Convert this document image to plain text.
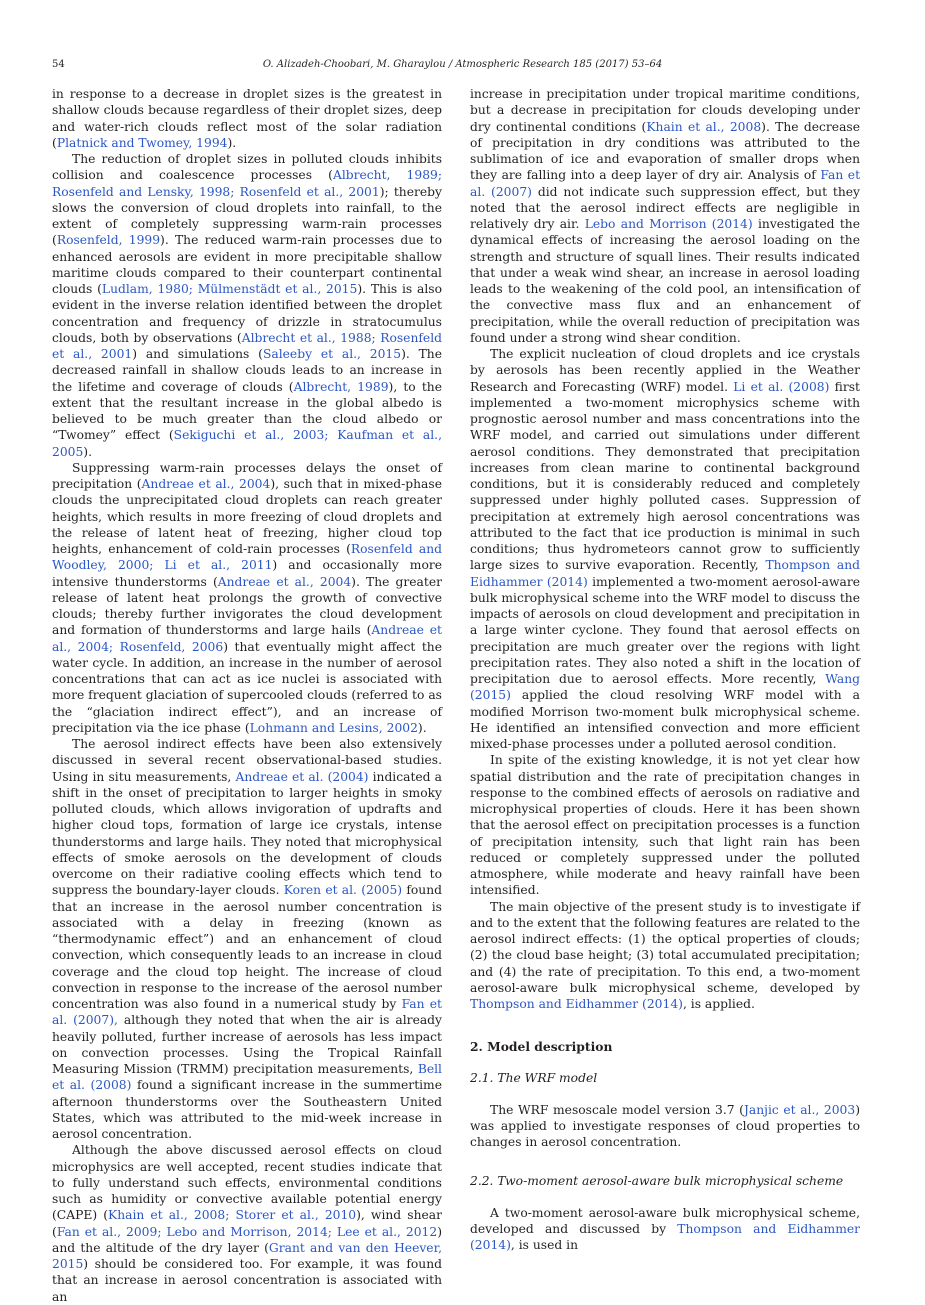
54	O. Alizadeh-Choobari, M. Gharaylou / Atmospheric Research 185 (2017) 53–64

in response to a decrease in droplet sizes is the greatest in shallow clouds because regardless of their droplet sizes, deep and water-rich clouds reflect most of the solar radiation (Platnick and Twomey, 1994).

The reduction of droplet sizes in polluted clouds inhibits collision and coalescence processes (Albrecht, 1989; Rosenfeld and Lensky, 1998; Rosenfeld et al., 2001); thereby slows the conversion of cloud droplets into rainfall, to the extent of completely suppressing warm-rain processes (Rosenfeld, 1999). The reduced warm-rain processes due to enhanced aerosols are evident in more precipitable shallow maritime clouds compared to their counterpart continental clouds (Ludlam, 1980; Mülmenstädt et al., 2015). This is also evident in the inverse relation identified between the droplet concentration and frequency of drizzle in stratocumulus clouds, both by observations (Albrecht et al., 1988; Rosenfeld et al., 2001) and simulations (Saleeby et al., 2015). The decreased rainfall in shallow clouds leads to an increase in the lifetime and coverage of clouds (Albrecht, 1989), to the extent that the resultant increase in the global albedo is believed to be much greater than the cloud albedo or “Twomey” effect (Sekiguchi et al., 2003; Kaufman et al., 2005).

Suppressing warm-rain processes delays the onset of precipitation (Andreae et al., 2004), such that in mixed-phase clouds the unprecipitated cloud droplets can reach greater heights, which results in more freezing of cloud droplets and the release of latent heat of freezing, higher cloud top heights, enhancement of cold-rain processes (Rosenfeld and Woodley, 2000; Li et al., 2011) and occasionally more intensive thunderstorms (Andreae et al., 2004). The greater release of latent heat prolongs the growth of convective clouds; thereby further invigorates the cloud development and formation of thunderstorms and large hails (Andreae et al., 2004; Rosenfeld, 2006) that eventually might affect the water cycle. In addition, an increase in the number of aerosol concentrations that can act as ice nuclei is associated with more frequent glaciation of supercooled clouds (referred to as the “glaciation indirect effect”), and an increase of precipitation via the ice phase (Lohmann and Lesins, 2002).

The aerosol indirect effects have been also extensively discussed in several recent observational-based studies. Using in situ measurements, Andreae et al. (2004) indicated a shift in the onset of precipitation to larger heights in smoky polluted clouds, which allows invigoration of updrafts and higher cloud tops, formation of large ice crystals, intense thunderstorms and large hails. They noted that microphysical effects of smoke aerosols on the development of clouds overcome on their radiative cooling effects which tend to suppress the boundary-layer clouds. Koren et al. (2005) found that an increase in the aerosol number concentration is associated with a delay in freezing (known as “thermodynamic effect”) and an enhancement of cloud convection, which consequently leads to an increase in cloud coverage and the cloud top height. The increase of cloud convection in response to the increase of the aerosol number concentration was also found in a numerical study by Fan et al. (2007), although they noted that when the air is already heavily polluted, further increase of aerosols has less impact on convection processes. Using the Tropical Rainfall Measuring Mission (TRMM) precipitation measurements, Bell et al. (2008) found a significant increase in the summertime afternoon thunderstorms over the Southeastern United States, which was attributed to the mid-week increase in aerosol concentration.

Although the above discussed aerosol effects on cloud microphysics are well accepted, recent studies indicate that to fully understand such effects, environmental conditions such as humidity or convective available potential energy (CAPE) (Khain et al., 2008; Storer et al., 2010), wind shear (Fan et al., 2009; Lebo and Morrison, 2014; Lee et al., 2012) and the altitude of the dry layer (Grant and van den Heever, 2015) should be considered too. For example, it was found that an increase in aerosol concentration is associated with an

increase in precipitation under tropical maritime conditions, but a decrease in precipitation for clouds developing under dry continental conditions (Khain et al., 2008). The decrease of precipitation in dry conditions was attributed to the sublimation of ice and evaporation of smaller drops when they are falling into a deep layer of dry air. Analysis of Fan et al. (2007) did not indicate such suppression effect, but they noted that the aerosol indirect effects are negligible in relatively dry air. Lebo and Morrison (2014) investigated the dynamical effects of increasing the aerosol loading on the strength and structure of squall lines. Their results indicated that under a weak wind shear, an increase in aerosol loading leads to the weakening of the cold pool, an intensification of the convective mass flux and an enhancement of precipitation, while the overall reduction of precipitation was found under a strong wind shear condition.

The explicit nucleation of cloud droplets and ice crystals by aerosols has been recently applied in the Weather Research and Forecasting (WRF) model. Li et al. (2008) first implemented a two-moment microphysics scheme with prognostic aerosol number and mass concentrations into the WRF model, and carried out simulations under different aerosol conditions. They demonstrated that precipitation increases from clean marine to continental background conditions, but it is considerably reduced and completely suppressed under highly polluted cases. Suppression of precipitation at extremely high aerosol concentrations was attributed to the fact that ice production is minimal in such conditions; thus hydrometeors cannot grow to sufficiently large sizes to survive evaporation. Recently, Thompson and Eidhammer (2014) implemented a two-moment aerosol-aware bulk microphysical scheme into the WRF model to discuss the impacts of aerosols on cloud development and precipitation in a large winter cyclone. They found that aerosol effects on precipitation are much greater over the regions with light precipitation rates. They also noted a shift in the location of precipitation due to aerosol effects. More recently, Wang (2015) applied the cloud resolving WRF model with a modified Morrison two-moment bulk microphysical scheme. He identified an intensified convection and more efficient mixed-phase processes under a polluted aerosol condition.

In spite of the existing knowledge, it is not yet clear how spatial distribution and the rate of precipitation changes in response to the combined effects of aerosols on radiative and microphysical properties of clouds. Here it has been shown that the aerosol effect on precipitation processes is a function of precipitation intensity, such that light rain has been reduced or completely suppressed under the polluted atmosphere, while moderate and heavy rainfall have been intensified.

The main objective of the present study is to investigate if and to the extent that the following features are related to the aerosol indirect effects: (1) the optical properties of clouds; (2) the cloud base height; (3) total accumulated precipitation; and (4) the rate of precipitation. To this end, a two-moment aerosol-aware bulk microphysical scheme, developed by Thompson and Eidhammer (2014), is applied.

2. Model description
2.1. The WRF model

The WRF mesoscale model version 3.7 (Janjic et al., 2003) was applied to investigate responses of cloud properties to changes in aerosol concentration.

2.2. Two-moment aerosol-aware bulk microphysical scheme

A two-moment aerosol-aware bulk microphysical scheme, developed and discussed by Thompson and Eidhammer (2014), is used in
